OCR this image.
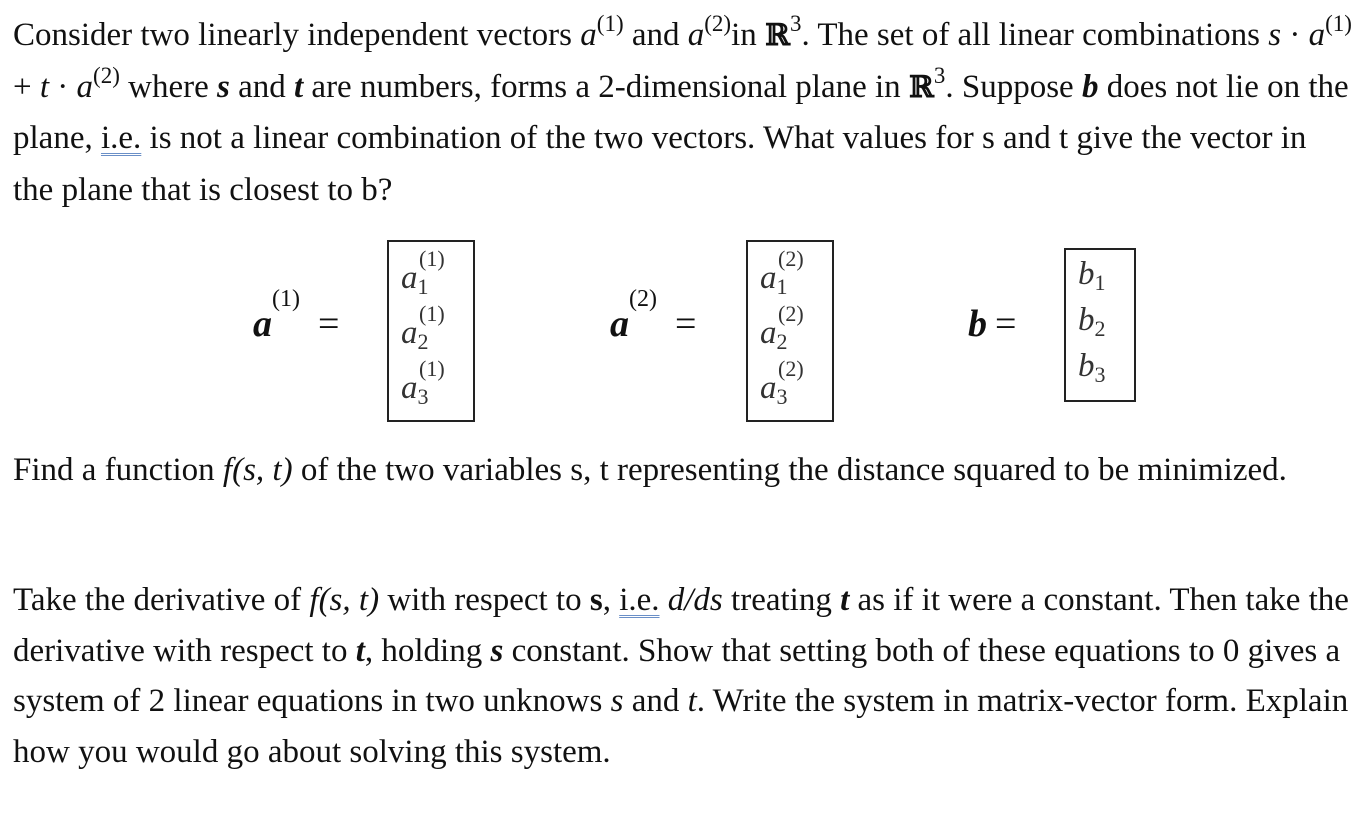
Consider two linearly independent vectors $a^{(1)}$ and $a^{(2)}in$ ℝ$^3$. The set of all linear combinations $s \cdot a^{(1)} + t \cdot a^{(2)}$ where s and t are numbers, forms a 2-dimensional plane in ℝ$^3$. Suppose b does not lie on the plane, i.e. is not a linear combination of the two vectors. What values for s and t give the vector in the plane that is closest to b?

$a^{(1)}=$
$a_1$
(1)
$a_2$
(1)
$a_3$
(1)
$a^{(2)}=$
$a_1$
(2)
$a_2$
(2)
$a_3$
(2)
b =
$b_1$
$b_2$
$b_3$

Find a function f(s, t) of the two variables s, t representing the distance squared to be minimized.

Take the derivative of f(s, t) with respect to s, i.e. d/ds treating t as if it were a constant. Then take the derivative with respect to t, holding s constant. Show that setting both of these equations to 0 gives a system of 2 linear equations in two unknows s and t. Write the system in matrix-vector form. Explain how you would go about solving this system.
